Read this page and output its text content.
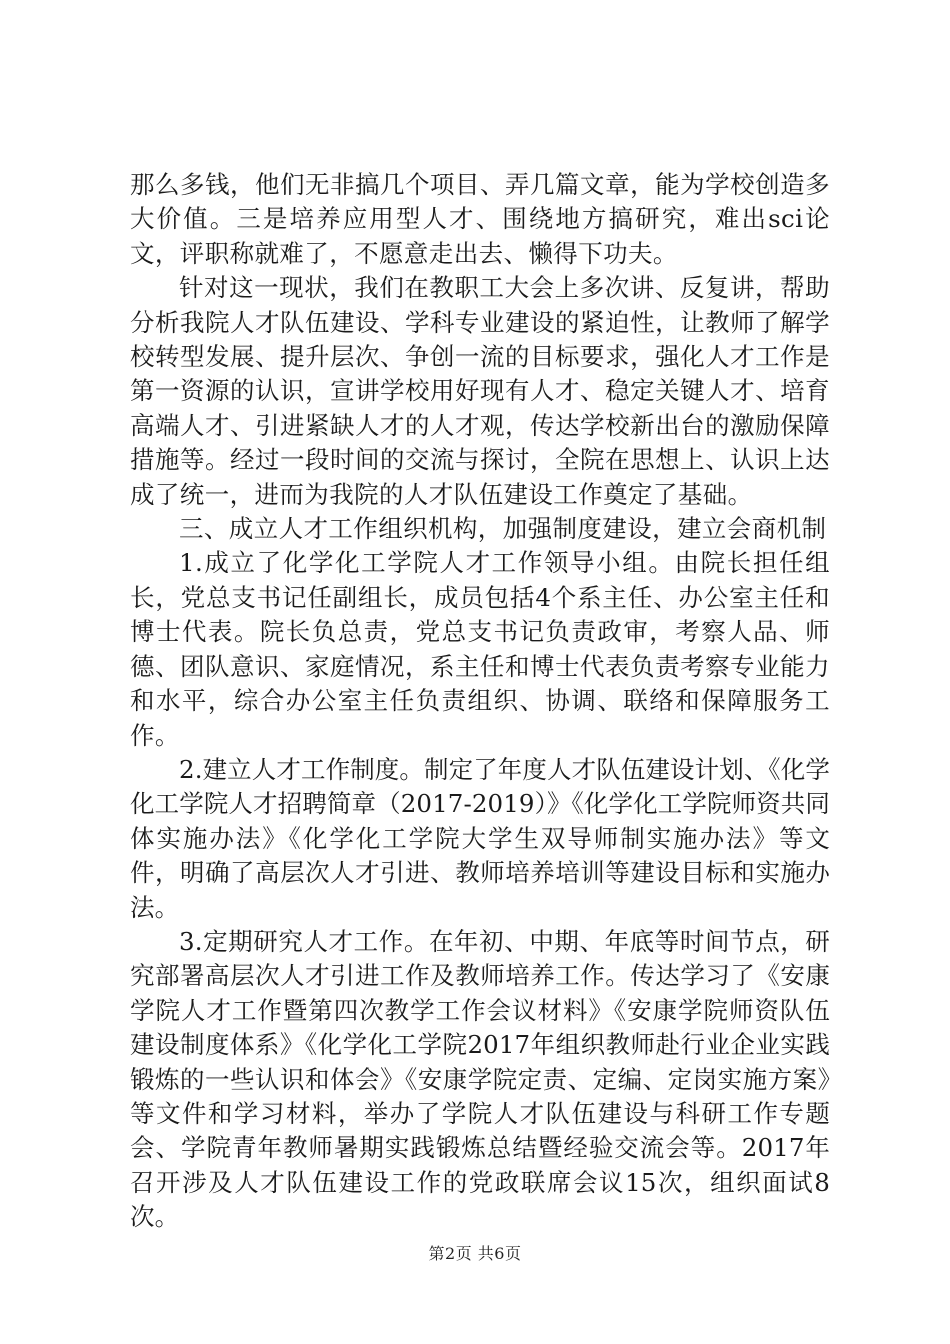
那么多钱，他们无非搞几个项目、弄几篇文章，能为学校创造多大价值。三是培养应用型人才、围绕地方搞研究，难出sci论文，评职称就难了，不愿意走出去、懒得下功夫。

针对这一现状，我们在教职工大会上多次讲、反复讲，帮助分析我院人才队伍建设、学科专业建设的紧迫性，让教师了解学校转型发展、提升层次、争创一流的目标要求，强化人才工作是第一资源的认识，宣讲学校用好现有人才、稳定关键人才、培育高端人才、引进紧缺人才的人才观，传达学校新出台的激励保障措施等。经过一段时间的交流与探讨，全院在思想上、认识上达成了统一，进而为我院的人才队伍建设工作奠定了基础。

三、成立人才工作组织机构，加强制度建设，建立会商机制

1.成立了化学化工学院人才工作领导小组。由院长担任组长，党总支书记任副组长，成员包括4个系主任、办公室主任和博士代表。院长负总责，党总支书记负责政审，考察人品、师德、团队意识、家庭情况，系主任和博士代表负责考察专业能力和水平，综合办公室主任负责组织、协调、联络和保障服务工作。

2.建立人才工作制度。制定了年度人才队伍建设计划、《化学化工学院人才招聘简章（2017-2019）》《化学化工学院师资共同体实施办法》《化学化工学院大学生双导师制实施办法》等文件，明确了高层次人才引进、教师培养培训等建设目标和实施办法。

3.定期研究人才工作。在年初、中期、年底等时间节点，研究部署高层次人才引进工作及教师培养工作。传达学习了《安康学院人才工作暨第四次教学工作会议材料》《安康学院师资队伍建设制度体系》《化学化工学院2017年组织教师赴行业企业实践锻炼的一些认识和体会》《安康学院定责、定编、定岗实施方案》等文件和学习材料，举办了学院人才队伍建设与科研工作专题会、学院青年教师暑期实践锻炼总结暨经验交流会等。2017年召开涉及人才队伍建设工作的党政联席会议15次，组织面试8次。

第2页 共6页
